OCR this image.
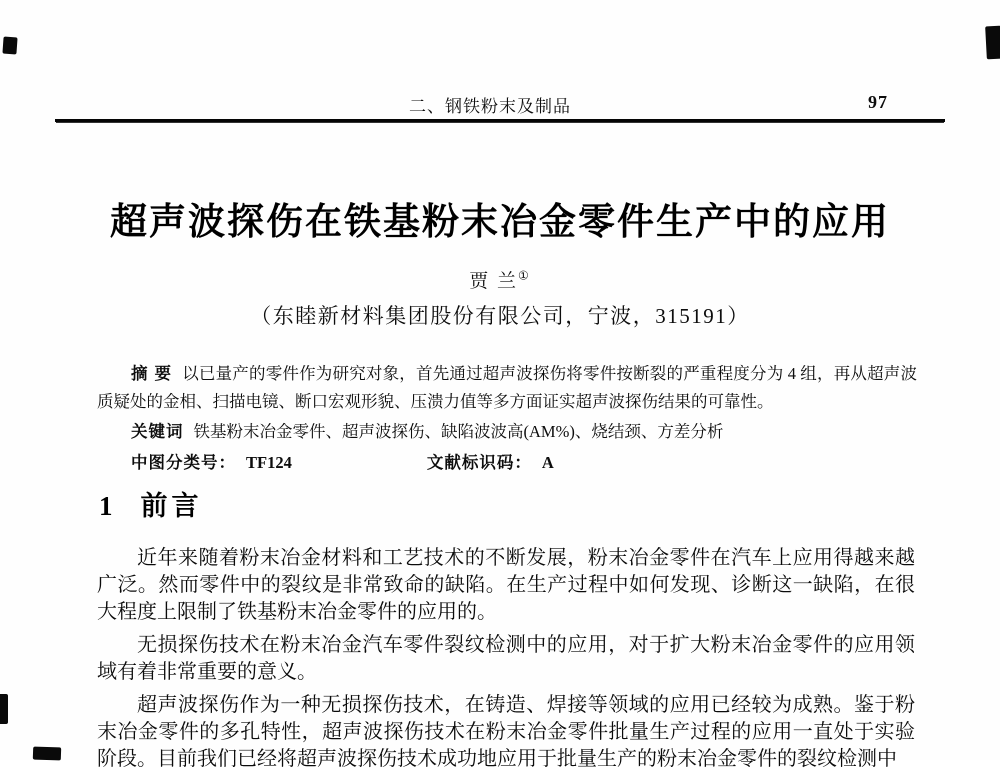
二、钢铁粉末及制品	97
超声波探伤在铁基粉末冶金零件生产中的应用
贾 兰①
（东睦新材料集团股份有限公司，宁波，315191）

摘 要 以已量产的零件作为研究对象，首先通过超声波探伤将零件按断裂的严重程度分为 4 组，再从超声波质疑处的金相、扫描电镜、断口宏观形貌、压溃力值等多方面证实超声波探伤结果的可靠性。

关键词 铁基粉末冶金零件、超声波探伤、缺陷波波高(AM%)、烧结颈、方差分析

中图分类号： TF124	文献标识码： A

1 前言

近年来随着粉末冶金材料和工艺技术的不断发展，粉末冶金零件在汽车上应用得越来越广泛。然而零件中的裂纹是非常致命的缺陷。在生产过程中如何发现、诊断这一缺陷，在很大程度上限制了铁基粉末冶金零件的应用的。

无损探伤技术在粉末冶金汽车零件裂纹检测中的应用，对于扩大粉末冶金零件的应用领域有着非常重要的意义。

超声波探伤作为一种无损探伤技术，在铸造、焊接等领域的应用已经较为成熟。鉴于粉末冶金零件的多孔特性，超声波探伤技术在粉末冶金零件批量生产过程的应用一直处于实验阶段。目前我们已经将超声波探伤技术成功地应用于批量生产的粉末冶金零件的裂纹检测中
